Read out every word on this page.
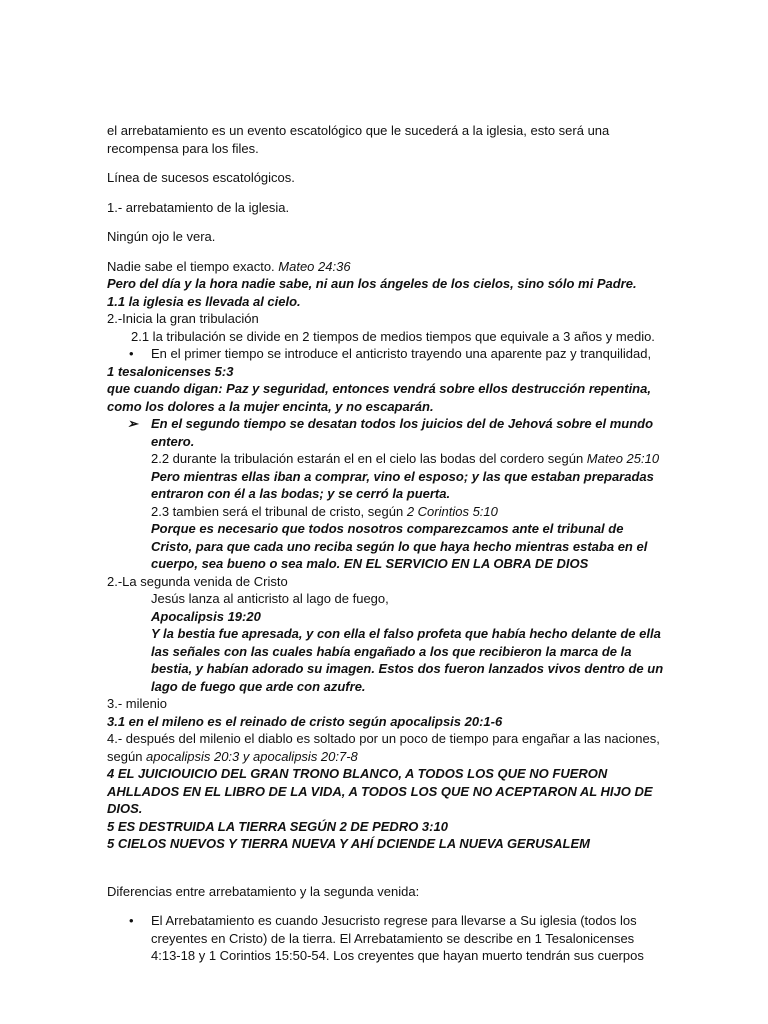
el arrebatamiento es un evento escatológico que le sucederá a la iglesia, esto será una recompensa para los files.

Línea de sucesos escatológicos.

1.- arrebatamiento de la iglesia.

Ningún ojo le vera.

Nadie sabe el tiempo exacto. Mateo 24:36

Pero del día y la hora nadie sabe, ni aun los ángeles de los cielos, sino sólo mi Padre.

1.1 la iglesia es llevada al cielo.

2.-Inicia la gran tribulación

2.1 la tribulación se divide en 2 tiempos de medios tiempos que equivale a 3 años y medio.

• En el primer tiempo se introduce el anticristo trayendo una aparente paz y tranquilidad,

1 tesalonicenses 5:3

que cuando digan: Paz y seguridad, entonces vendrá sobre ellos destrucción repentina, como los dolores a la mujer encinta, y no escaparán.

➢ En el segundo tiempo se desatan todos los juicios del de Jehová sobre el mundo entero.

2.2 durante la tribulación estarán el en el cielo las bodas del cordero según Mateo 25:10

Pero mientras ellas iban a comprar, vino el esposo; y las que estaban preparadas entraron con él a las bodas; y se cerró la puerta.

2.3 tambien será el tribunal de cristo, según 2 Corintios 5:10

Porque es necesario que todos nosotros comparezcamos ante el tribunal de Cristo, para que cada uno reciba según lo que haya hecho mientras estaba en el cuerpo, sea bueno o sea malo. EN EL SERVICIO EN LA OBRA DE DIOS

2.-La segunda venida de Cristo

Jesús lanza al anticristo al lago de fuego,

Apocalipsis 19:20

Y la bestia fue apresada, y con ella el falso profeta que había hecho delante de ella las señales con las cuales había engañado a los que recibieron la marca de la bestia, y habían adorado su imagen. Estos dos fueron lanzados vivos dentro de un lago de fuego que arde con azufre.

3.- milenio

3.1 en el mileno es el reinado de cristo según apocalipsis 20:1-6

4.- después del milenio el diablo es soltado por un poco de tiempo para engañar a las naciones, según apocalipsis 20:3 y apocalipsis 20:7-8

4 EL JUICIOUICIO DEL GRAN TRONO BLANCO, A TODOS LOS QUE NO FUERON AHLLADOS EN EL LIBRO DE LA VIDA, A TODOS LOS QUE NO ACEPTARON AL HIJO DE DIOS.

5 ES DESTRUIDA LA TIERRA SEGÚN 2 DE PEDRO 3:10

5 CIELOS NUEVOS Y TIERRA NUEVA Y AHÍ DCIENDE LA NUEVA GERUSALEM

Diferencias entre arrebatamiento y la segunda venida:

• El Arrebatamiento es cuando Jesucristo regrese para llevarse a Su iglesia (todos los creyentes en Cristo) de la tierra. El Arrebatamiento se describe en 1 Tesalonicenses 4:13-18 y 1 Corintios 15:50-54. Los creyentes que hayan muerto tendrán sus cuerpos
